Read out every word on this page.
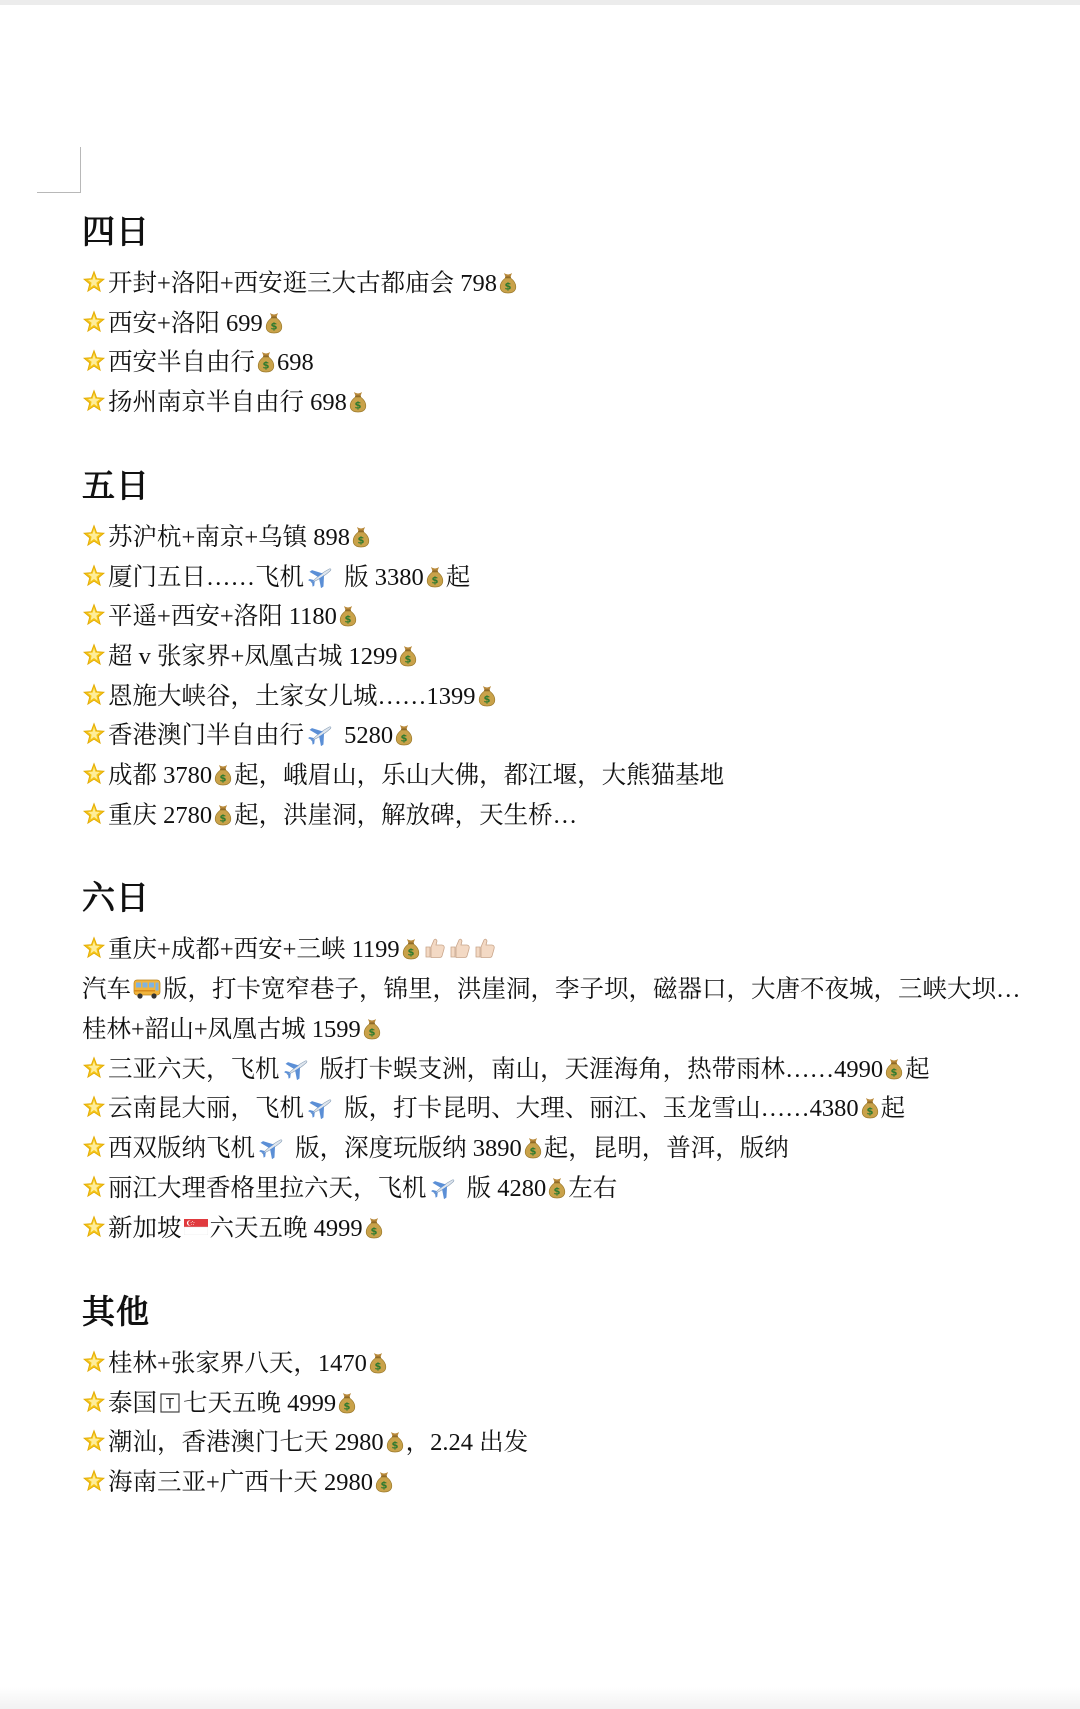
四日
开封+洛阳+西安逛三大古都庙会 798 $
西安+洛阳 699 $
西安半自由行 $ 698
扬州南京半自由行 698 $
五日
苏沪杭+南京+乌镇 898 $
厦门五日……飞机 版 3380 $ 起
平遥+西安+洛阳 1180 $
超 v 张家界+凤凰古城 1299 $
恩施大峡谷，土家女儿城……1399 $
香港澳门半自由行 5280 $
成都 3780 $ 起，峨眉山，乐山大佛，都江堰，大熊猫基地
重庆 2780 $ 起，洪崖洞，解放碑，天生桥…
六日
重庆+成都+西安+三峡 1199 $
汽车 版，打卡宽窄巷子，锦里，洪崖洞，李子坝，磁器口，大唐不夜城，三峡大坝…
桂林+韶山+凤凰古城 1599 $
三亚六天，飞机 版打卡蜈支洲，南山，天涯海角，热带雨林……4990 $ 起
云南昆大丽，飞机 版，打卡昆明、大理、丽江、玉龙雪山……4380 $ 起
西双版纳飞机 版，深度玩版纳 3890 $ 起，昆明，普洱，版纳
丽江大理香格里拉六天，飞机 版 4280 $ 左右
新加坡 六天五晚 4999 $
其他
桂林+张家界八天，1470 $
泰国 T 七天五晚 4999 $
潮汕，香港澳门七天 2980 $ ，2.24 出发
海南三亚+广西十天 2980 $
